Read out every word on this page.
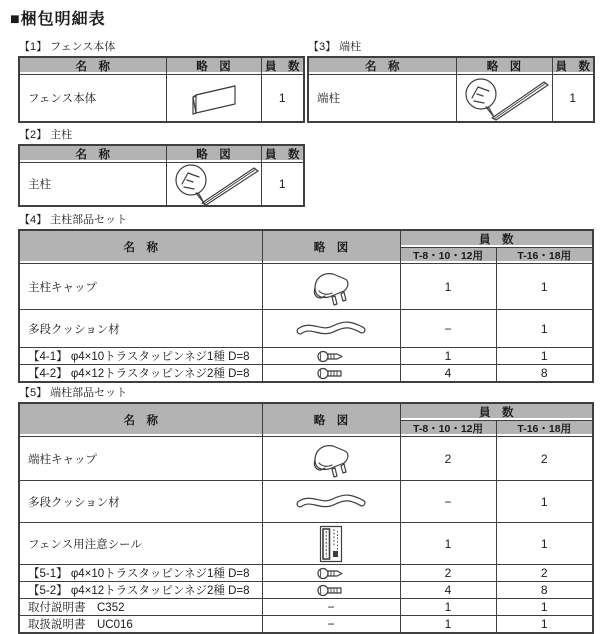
■梱包明細表
【1】 フェンス本体
名　称	略　図	員　数
フェンス本体		1
【3】 端柱
名　称	略　図	員　数
端柱		1
【2】 主柱
名　称	略　図	員　数
主柱		1
【4】 主柱部品セット
名　称	略　図	員　数	
		T-8・10・12用	T-16・18用
主柱キャップ		1	1
多段クッション材		−	1
【4-1】 φ4×10トラスタッピンネジ1種 D=8		1	1
【4-2】 φ4×12トラスタッピンネジ2種 D=8		4	8
【5】 端柱部品セット
名　称	略　図	員　数	
		T-8・10・12用	T-16・18用
端柱キャップ		2	2
多段クッション材		−	1
フェンス用注意シール		1	1
【5-1】 φ4×10トラスタッピンネジ1種 D=8		2	2
【5-2】 φ4×12トラスタッピンネジ2種 D=8		4	8
取付説明書　C352	−	1	1
取扱説明書　UC016	−	1	1
